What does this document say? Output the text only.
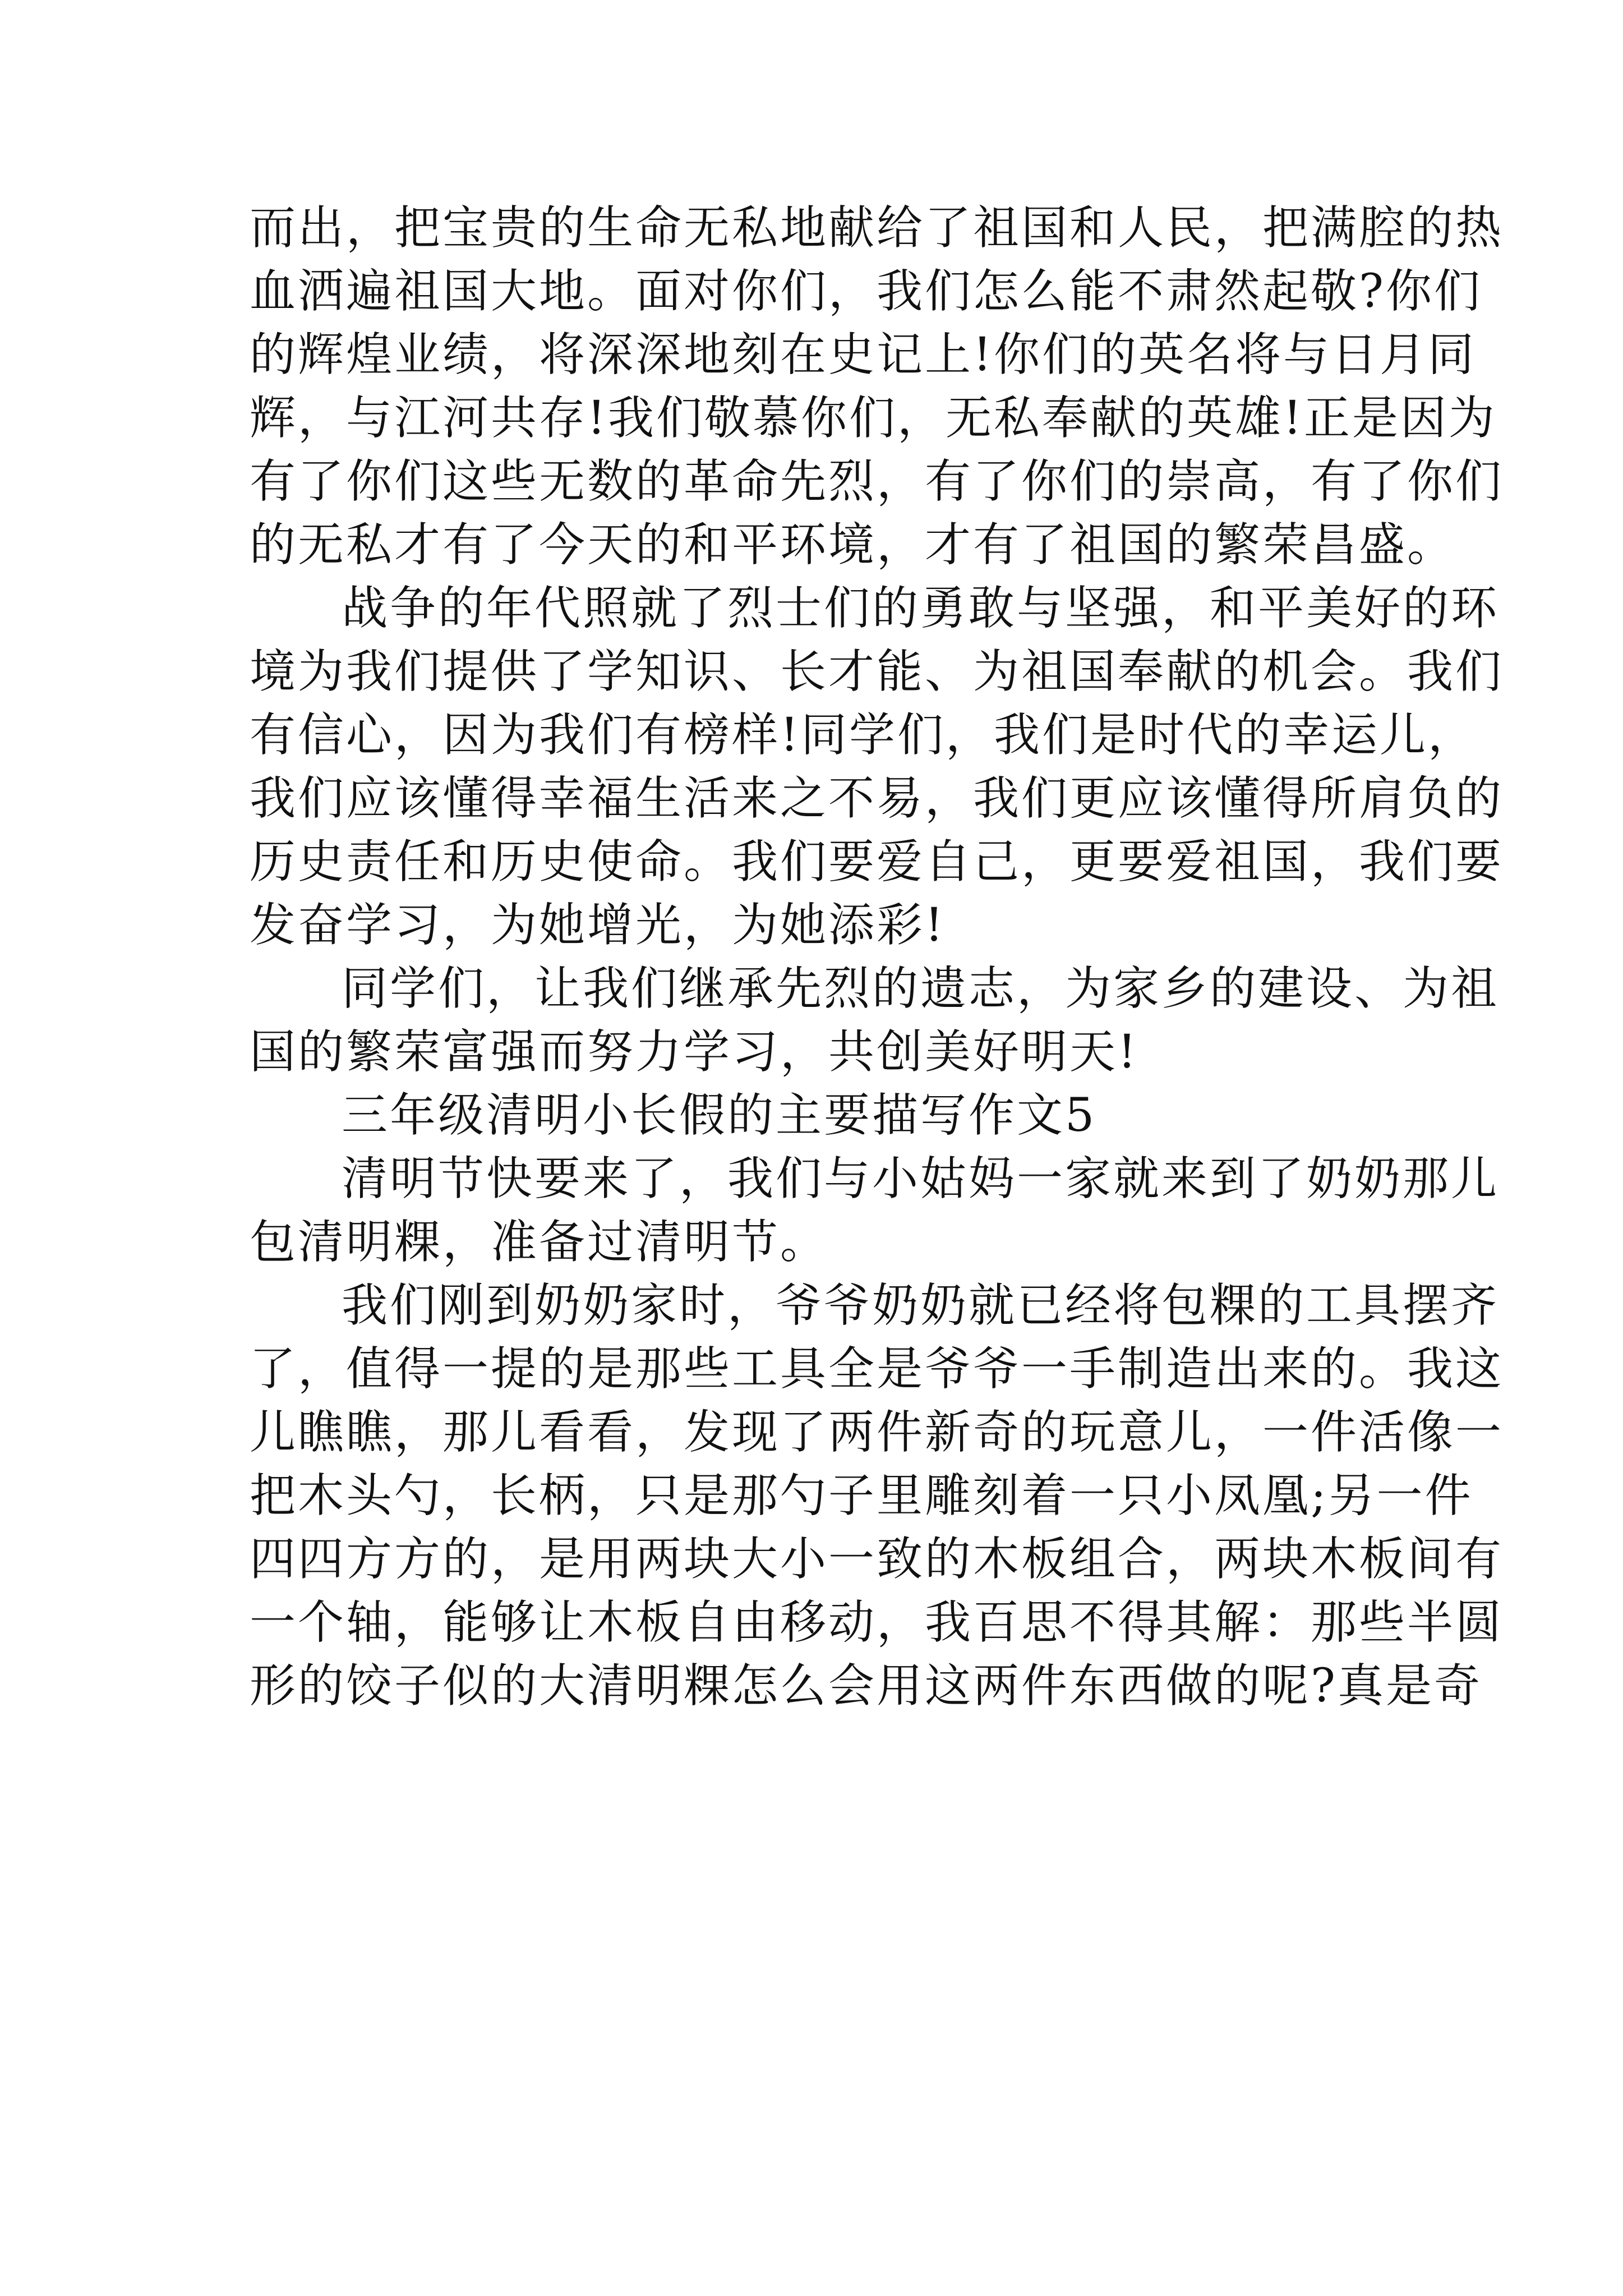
而出，把宝贵的生命无私地献给了祖国和人民，把满腔的热
血洒遍祖国大地。面对你们，我们怎么能不肃然起敬?你们
的辉煌业绩，将深深地刻在史记上!你们的英名将与日月同
辉，与江河共存!我们敬慕你们，无私奉献的英雄!正是因为
有了你们这些无数的革命先烈，有了你们的崇高，有了你们
的无私才有了今天的和平环境，才有了祖国的繁荣昌盛。
战争的年代照就了烈士们的勇敢与坚强，和平美好的环
境为我们提供了学知识、长才能、为祖国奉献的机会。我们
有信心，因为我们有榜样!同学们，我们是时代的幸运儿，
我们应该懂得幸福生活来之不易，我们更应该懂得所肩负的
历史责任和历史使命。我们要爱自己，更要爱祖国，我们要
发奋学习，为她增光，为她添彩!
同学们，让我们继承先烈的遗志，为家乡的建设、为祖
国的繁荣富强而努力学习，共创美好明天!
三年级清明小长假的主要描写作文5
清明节快要来了，我们与小姑妈一家就来到了奶奶那儿
包清明粿，准备过清明节。
我们刚到奶奶家时，爷爷奶奶就已经将包粿的工具摆齐
了，值得一提的是那些工具全是爷爷一手制造出来的。我这
儿瞧瞧，那儿看看，发现了两件新奇的玩意儿，一件活像一
把木头勺，长柄，只是那勺子里雕刻着一只小凤凰;另一件
四四方方的，是用两块大小一致的木板组合，两块木板间有
一个轴，能够让木板自由移动，我百思不得其解：那些半圆
形的饺子似的大清明粿怎么会用这两件东西做的呢?真是奇
